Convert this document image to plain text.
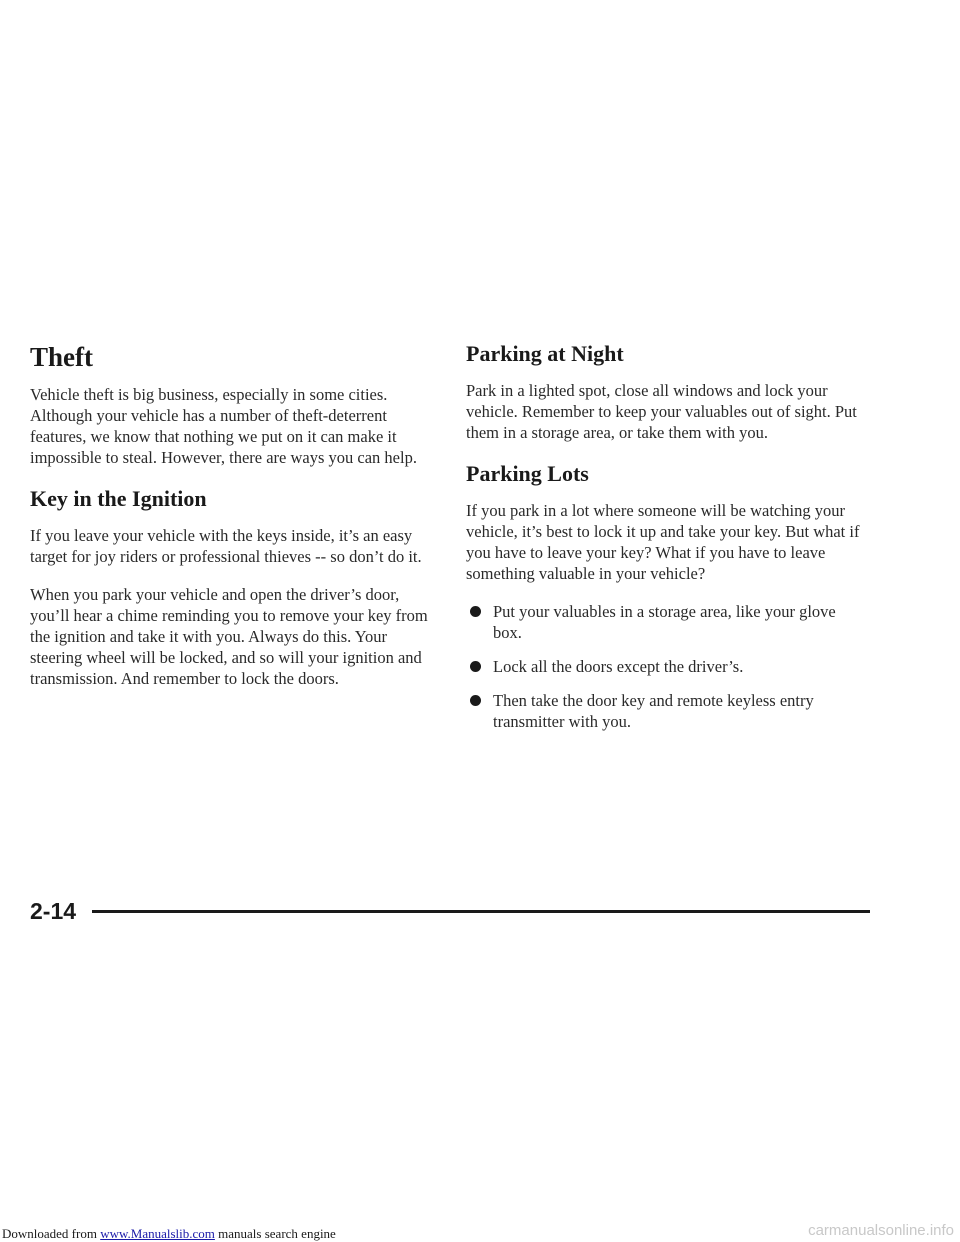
Theft

Vehicle theft is big business, especially in some cities. Although your vehicle has a number of theft-deterrent features, we know that nothing we put on it can make it impossible to steal. However, there are ways you can help.

Key in the Ignition

If you leave your vehicle with the keys inside, it’s an easy target for joy riders or professional thieves -- so don’t do it.

When you park your vehicle and open the driver’s door, you’ll hear a chime reminding you to remove your key from the ignition and take it with you. Always do this. Your steering wheel will be locked, and so will your ignition and transmission. And remember to lock the doors.

Parking at Night

Park in a lighted spot, close all windows and lock your vehicle. Remember to keep your valuables out of sight. Put them in a storage area, or take them with you.

Parking Lots

If you park in a lot where someone will be watching your vehicle, it’s best to lock it up and take your key. But what if you have to leave your key? What if you have to leave something valuable in your vehicle?

Put your valuables in a storage area, like your glove box.
Lock all the doors except the driver’s.
Then take the door key and remote keyless entry transmitter with you.
2-14
Downloaded from www.Manualslib.com manuals search engine	carmanualsonline.info
